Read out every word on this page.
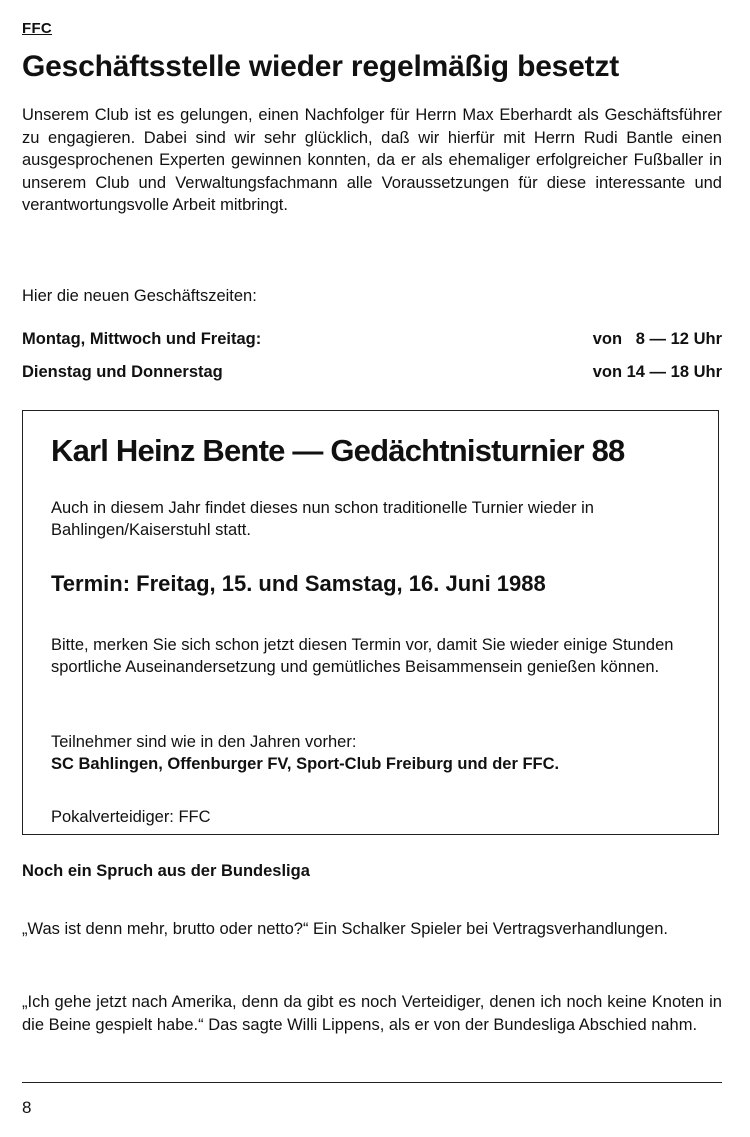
FFC
Geschäftsstelle wieder regelmäßig besetzt

Unserem Club ist es gelungen, einen Nachfolger für Herrn Max Eberhardt als Geschäftsführer zu engagieren. Dabei sind wir sehr glücklich, daß wir hierfür mit Herrn Rudi Bantle einen ausgesprochenen Experten gewinnen konnten, da er als ehemaliger erfolgreicher Fußballer in unserem Club und Verwaltungsfachmann alle Voraussetzungen für diese interessante und verantwortungsvolle Arbeit mitbringt.

Hier die neuen Geschäftszeiten:
Montag, Mittwoch und Freitag:	von   8 — 12 Uhr
Dienstag und Donnerstag	von 14 — 18 Uhr
Karl Heinz Bente — Gedächtnisturnier 88

Auch in diesem Jahr findet dieses nun schon traditionelle Turnier wieder in Bahlingen/Kaiserstuhl statt.

Termin: Freitag, 15. und Samstag, 16. Juni 1988

Bitte, merken Sie sich schon jetzt diesen Termin vor, damit Sie wieder einige Stunden sportliche Auseinandersetzung und gemütliches Beisammensein genießen können.

Teilnehmer sind wie in den Jahren vorher:
SC Bahlingen, Offenburger FV, Sport-Club Freiburg und der FFC.

Pokalverteidiger: FFC

Noch ein Spruch aus der Bundesliga

„Was ist denn mehr, brutto oder netto?“ Ein Schalker Spieler bei Vertragsverhandlungen.

„Ich gehe jetzt nach Amerika, denn da gibt es noch Verteidiger, denen ich noch keine Knoten in die Beine gespielt habe.“ Das sagte Willi Lippens, als er von der Bundesliga Abschied nahm.

8
